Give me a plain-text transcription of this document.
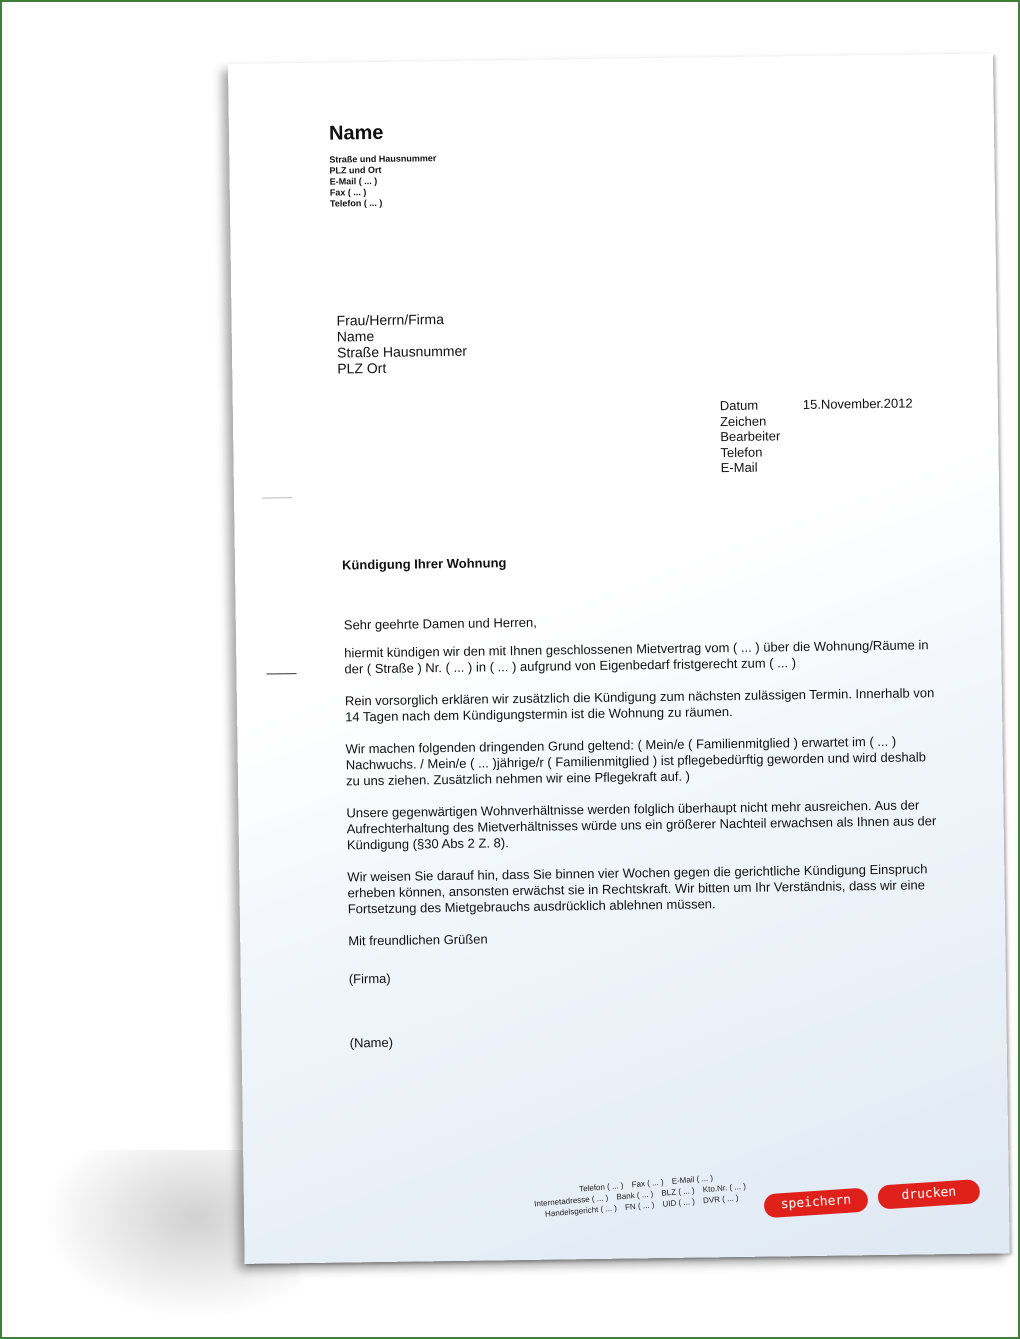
Name
Straße und Hausnummer
PLZ und Ort
E-Mail ( ... )
Fax ( ... )
Telefon ( ... )
Frau/Herrn/Firma
Name
Straße Hausnummer
PLZ Ort
Datum
Zeichen
Bearbeiter
Telefon
E-Mail
15.November.2012
Kündigung Ihrer Wohnung

Sehr geehrte Damen und Herren,

hiermit kündigen wir den mit Ihnen geschlossenen Mietvertrag vom ( ... ) über die Wohnung/Räume in der ( Straße ) Nr. ( ... ) in ( ... ) aufgrund von Eigenbedarf fristgerecht zum ( ... )

Rein vorsorglich erklären wir zusätzlich die Kündigung zum nächsten zulässigen Termin. Innerhalb von 14 Tagen nach dem Kündigungstermin ist die Wohnung zu räumen.

Wir machen folgenden dringenden Grund geltend: ( Mein/e ( Familienmitglied ) erwartet im ( ... ) Nachwuchs. / Mein/e ( ... )jährige/r ( Familienmitglied ) ist pflegebedürftig geworden und wird deshalb zu uns ziehen. Zusätzlich nehmen wir eine Pflegekraft auf. )

Unsere gegenwärtigen Wohnverhältnisse werden folglich überhaupt nicht mehr ausreichen. Aus der Aufrechterhaltung des Mietverhältnisses würde uns ein größerer Nachteil erwachsen als Ihnen aus der Kündigung (§30 Abs 2 Z. 8).

Wir weisen Sie darauf hin, dass Sie binnen vier Wochen gegen die gerichtliche Kündigung Einspruch erheben können, ansonsten erwächst sie in Rechtskraft. Wir bitten um Ihr Verständnis, dass wir eine Fortsetzung des Mietgebrauchs ausdrücklich ablehnen müssen.

Mit freundlichen Grüßen

(Firma)

(Name)

Telefon ( ... ) Fax ( ... ) E-Mail ( ... )
Internetadresse ( ... ) Bank ( ... ) BLZ ( ... ) Kto.Nr. ( ... )
Handelsgericht ( ... ) FN ( ... ) UID ( ... ) DVR ( ... )	speichern	drucken
